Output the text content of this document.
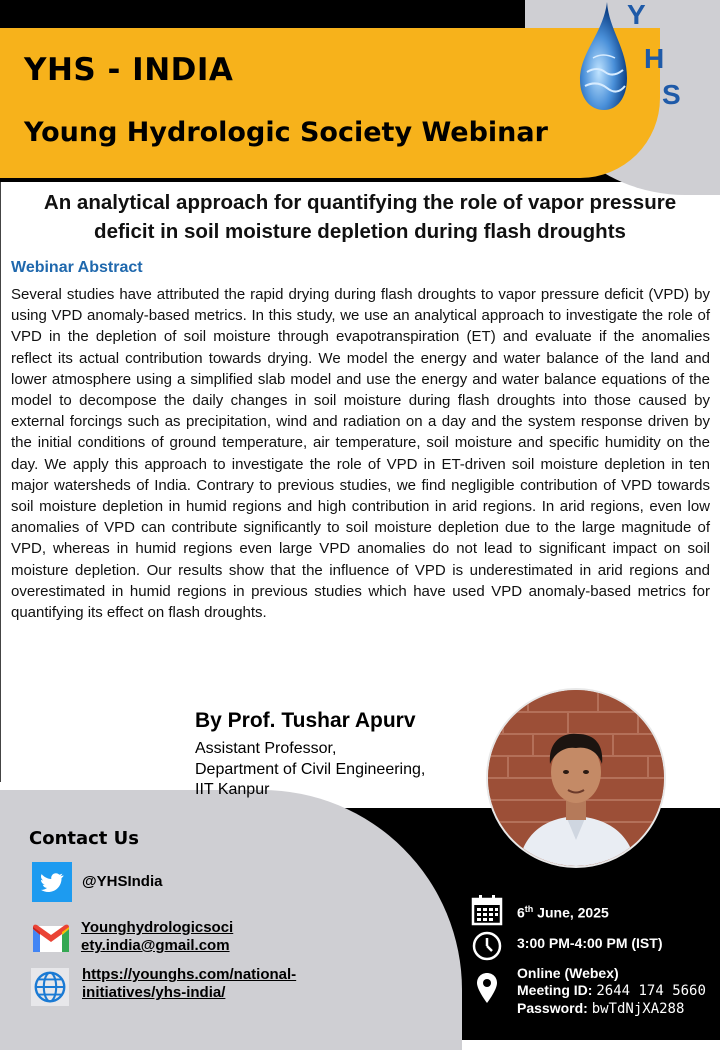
YHS - INDIA
Young Hydrologic Society Webinar
Y
H
S
An analytical approach for quantifying the role of vapor pressure
deficit in soil moisture depletion during flash droughts
Webinar Abstract

Several studies have attributed the rapid drying during flash droughts to vapor pressure deficit (VPD) by using VPD anomaly-based metrics. In this study, we use an analytical approach to investigate the role of VPD in the depletion of soil moisture through evapotranspiration (ET) and evaluate if the anomalies reflect its actual contribution towards drying. We model the energy and water balance of the land and lower atmosphere using a simplified slab model and use the energy and water balance equations of the model to decompose the daily changes in soil moisture during flash droughts into those caused by external forcings such as precipitation, wind and radiation on a day and the system response driven by the initial conditions of ground temperature, air temperature, soil moisture and specific humidity on the day. We apply this approach to investigate the role of VPD in ET-driven soil moisture depletion in ten major watersheds of India. Contrary to previous studies, we find negligible contribution of VPD towards soil moisture depletion in humid regions and high contribution in arid regions. In arid regions, even low anomalies of VPD can contribute significantly to soil moisture depletion due to the large magnitude of VPD, whereas in humid regions even large VPD anomalies do not lead to significant impact on soil moisture depletion. Our results show that the influence of VPD is underestimated in arid regions and overestimated in humid regions in previous studies which have used VPD anomaly-based metrics for quantifying its effect on flash droughts.

By Prof. Tushar Apurv
Assistant Professor,
Department of Civil Engineering,
IIT Kanpur
Contact Us
@YHSIndia
Younghydrologicsoci
ety.india@gmail.com
https://younghs.com/national-
initiatives/yhs-india/
6th June, 2025
3:00 PM-4:00 PM (IST)
Online (Webex)
Meeting ID: 2644 174 5660
Password: bwTdNjXA288
